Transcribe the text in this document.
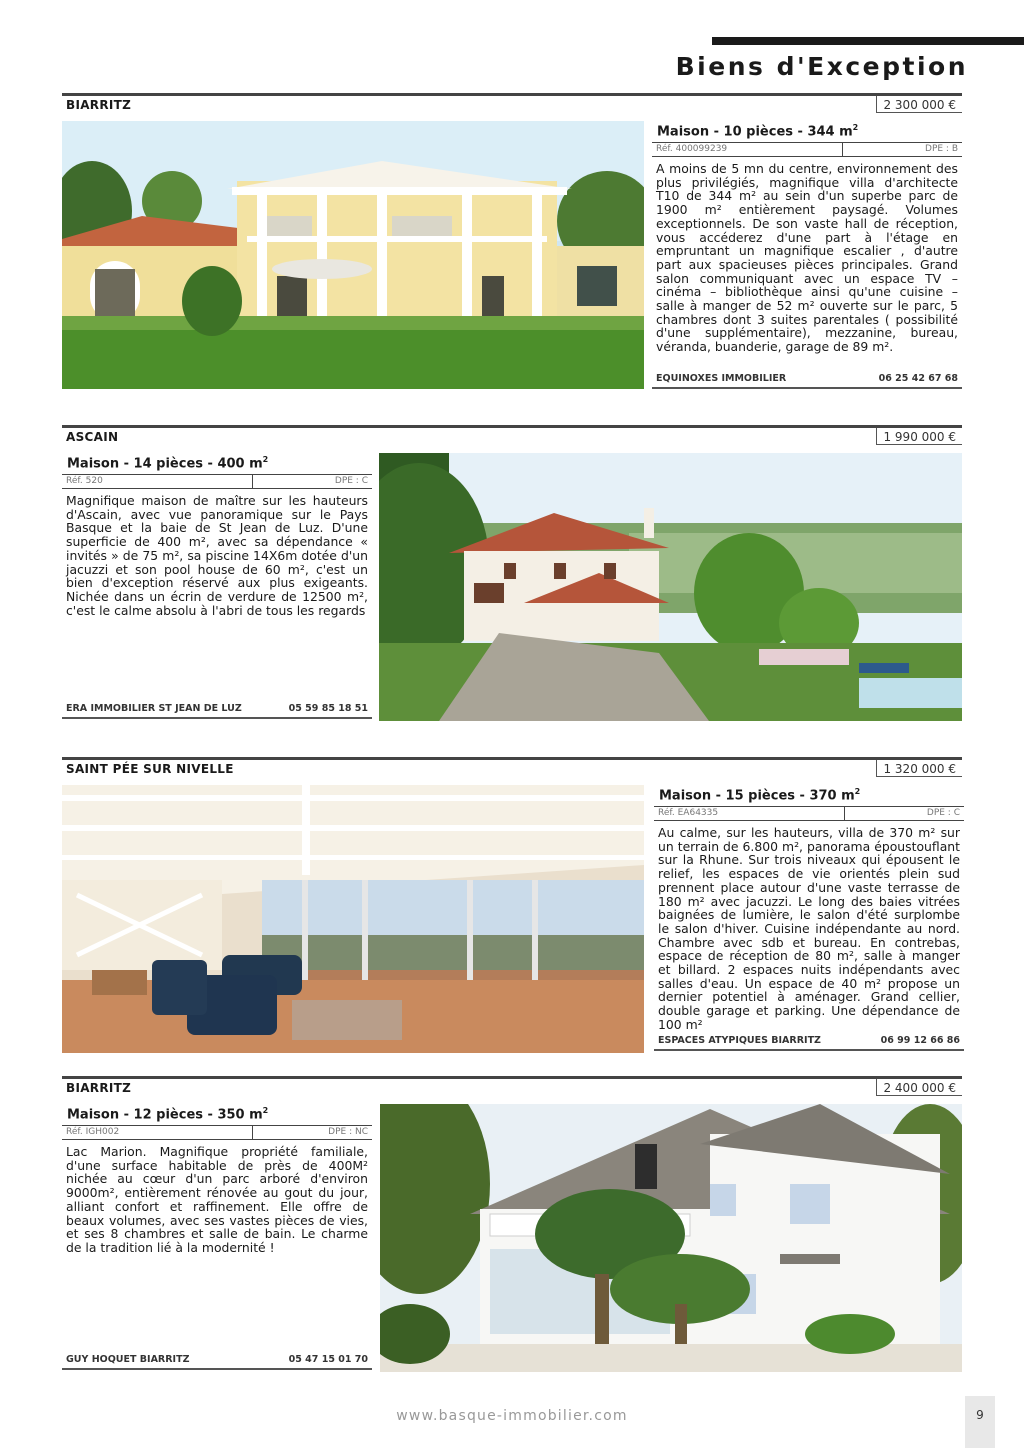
Biens d'Exception
BIARRITZ	2 300 000 €
Maison - 10 pièces - 344 $m^2$
Réf. 400099239	DPE : B
A moins de 5 mn du centre, environnement des plus privilégiés, magnifique villa d'architecte T10 de 344 m² au sein d'un superbe parc de 1900 m² entièrement paysagé. Volumes exceptionnels. De son vaste hall de réception, vous accéderez d'une part à l'étage en empruntant un magnifique escalier , d'autre part aux spacieuses pièces principales. Grand salon communiquant avec un espace TV – cinéma – bibliothèque ainsi qu'une cuisine – salle à manger de 52 m² ouverte sur le parc, 5 chambres dont 3 suites parentales ( possibilité d'une supplémentaire), mezzanine, bureau, véranda, buanderie, garage de 89 m².
EQUINOXES IMMOBILIER	06 25 42 67 68
ASCAIN	1 990 000 €
Maison - 14 pièces - 400 $m^2$
Réf. 520	DPE : C
Magnifique maison de maître sur les hauteurs d'Ascain, avec vue panoramique sur le Pays Basque et la baie de St Jean de Luz. D'une superficie de 400 m², avec sa dépendance « invités » de 75 m², sa piscine 14X6m dotée d'un jacuzzi et son pool house de 60 m², c'est un bien d'exception réservé aux plus exigeants. Nichée dans un écrin de verdure de 12500 m², c'est le calme absolu à l'abri de tous les regards
ERA IMMOBILIER ST JEAN DE LUZ	05 59 85 18 51
SAINT PÉE SUR NIVELLE	1 320 000 €
Maison - 15 pièces - 370 $m^2$
Réf. EA64335	DPE : C
Au calme, sur les hauteurs, villa de 370 m² sur un terrain de 6.800 m², panorama époustouflant sur la Rhune. Sur trois niveaux qui épousent le relief, les espaces de vie orientés plein sud prennent place autour d'une vaste terrasse de 180 m² avec jacuzzi. Le long des baies vitrées baignées de lumière, le salon d'été surplombe le salon d'hiver. Cuisine indépendante au nord. Chambre avec sdb et bureau. En contrebas, espace de réception de 80 m², salle à manger et billard. 2 espaces nuits indépendants avec salles d'eau. Un espace de 40 m² propose un dernier potentiel à aménager. Grand cellier, double garage et parking. Une dépendance de 100 m²
ESPACES ATYPIQUES BIARRITZ	06 99 12 66 86
BIARRITZ	2 400 000 €
Maison - 12 pièces - 350 $m^2$
Réf. IGH002	DPE : NC
Lac Marion. Magnifique propriété familiale, d'une surface habitable de près de 400M² nichée au cœur d'un parc arboré d'environ 9000m², entièrement rénovée au gout du jour, alliant confort et raffinement. Elle offre de beaux volumes, avec ses vastes pièces de vies, et ses 8 chambres et salle de bain. Le charme de la tradition lié à la modernité !
GUY HOQUET BIARRITZ	05 47 15 01 70
www.basque-immobilier.com	9
